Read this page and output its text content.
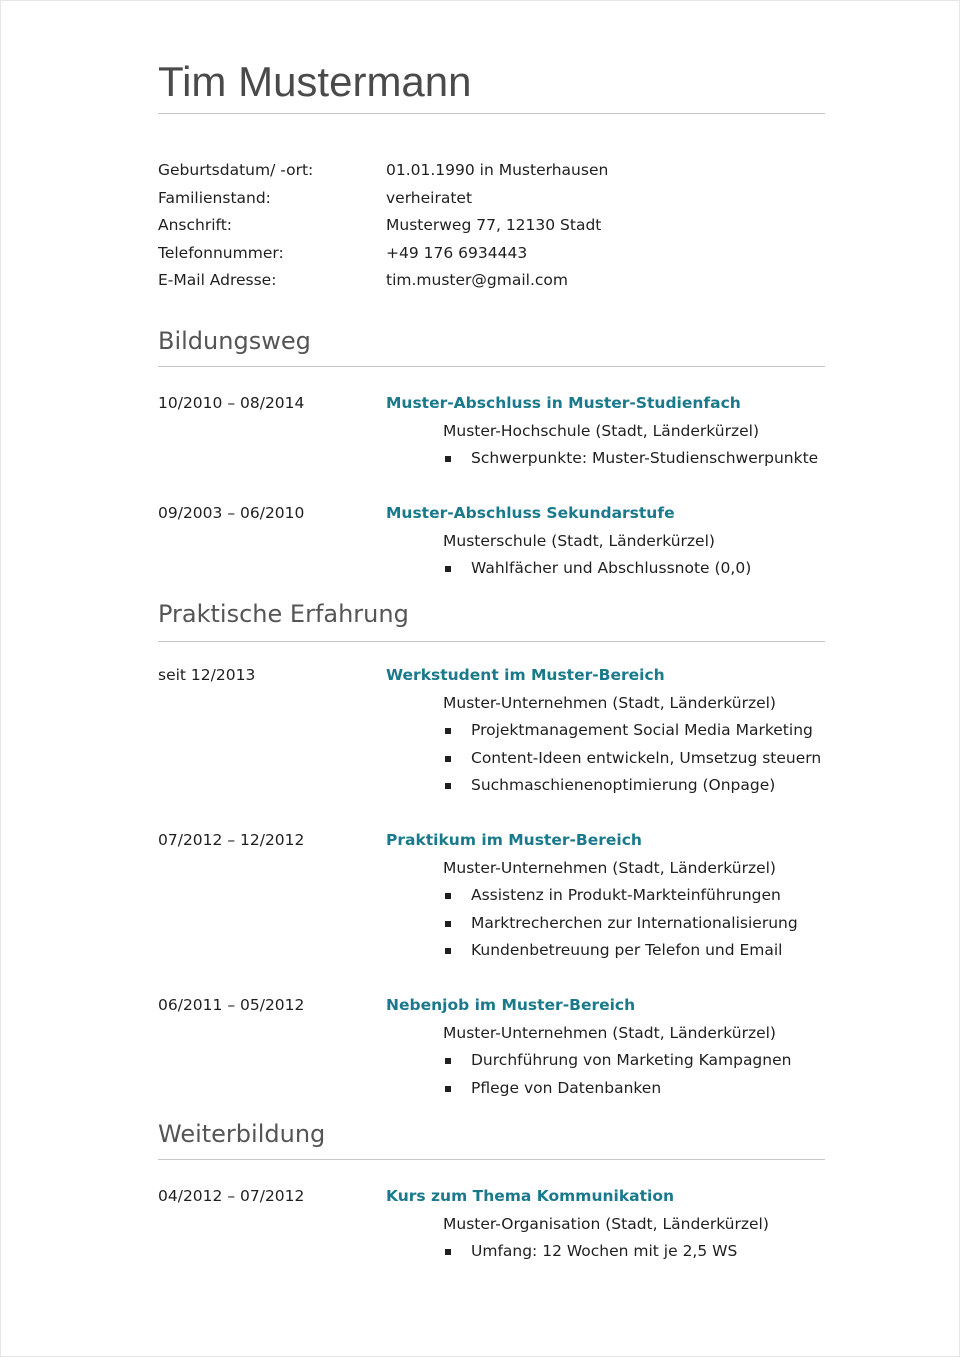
Tim Mustermann
Geburtsdatum/ -ort:	01.01.1990 in Musterhausen
Familienstand:	verheiratet
Anschrift:	Musterweg 77, 12130 Stadt
Telefonnummer:	+49 176 6934443
E-Mail Adresse:	tim.muster@gmail.com
Bildungsweg
10/2010 – 08/2014	Muster-Abschluss in Muster-Studienfach
Muster-Hochschule (Stadt, Länderkürzel)
Schwerpunkte: Muster-Studienschwerpunkte
09/2003 – 06/2010	Muster-Abschluss Sekundarstufe
Musterschule (Stadt, Länderkürzel)
Wahlfächer und Abschlussnote (0,0)
Praktische Erfahrung
seit 12/2013	Werkstudent im Muster-Bereich
Muster-Unternehmen (Stadt, Länderkürzel)
Projektmanagement Social Media Marketing
Content-Ideen entwickeln, Umsetzug steuern
Suchmaschienenoptimierung (Onpage)
07/2012 – 12/2012	Praktikum im Muster-Bereich
Muster-Unternehmen (Stadt, Länderkürzel)
Assistenz in Produkt-Markteinführungen
Marktrecherchen zur Internationalisierung
Kundenbetreuung per Telefon und Email
06/2011 – 05/2012	Nebenjob im Muster-Bereich
Muster-Unternehmen (Stadt, Länderkürzel)
Durchführung von Marketing Kampagnen
Pflege von Datenbanken
Weiterbildung
04/2012 – 07/2012	Kurs zum Thema Kommunikation
Muster-Organisation (Stadt, Länderkürzel)
Umfang: 12 Wochen mit je 2,5 WS
